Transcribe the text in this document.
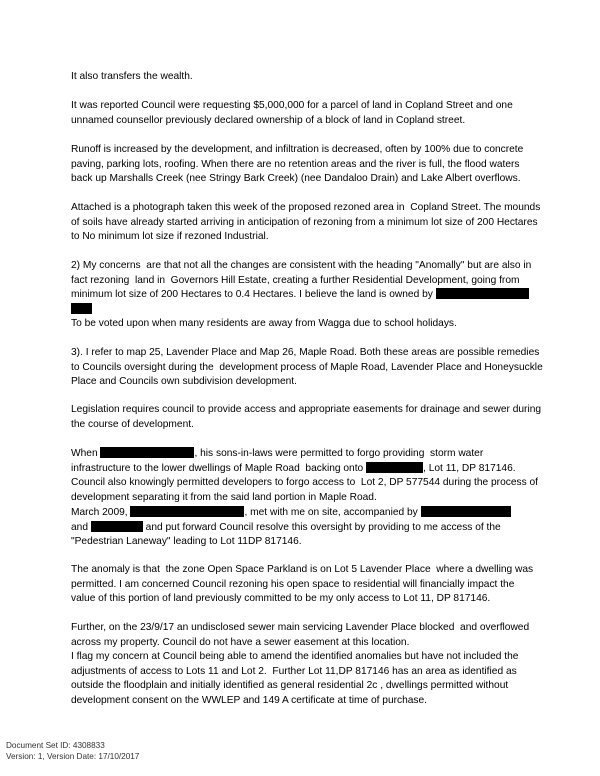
It also transfers the wealth.

It was reported Council were requesting $5,000,000 for a parcel of land in Copland Street and one
unnamed counsellor previously declared ownership of a block of land in Copland street.

Runoff is increased by the development, and infiltration is decreased, often by 100% due to concrete
paving, parking lots, roofing. When there are no retention areas and the river is full, the flood waters
back up Marshalls Creek (nee Stringy Bark Creek) (nee Dandaloo Drain) and Lake Albert overflows.

Attached is a photograph taken this week of the proposed rezoned area in  Copland Street. The mounds
of soils have already started arriving in anticipation of rezoning from a minimum lot size of 200 Hectares
to No minimum lot size if rezoned Industrial.

2) My concerns  are that not all the changes are consistent with the heading "Anomally" but are also in
fact rezoning  land in  Governors Hill Estate, creating a further Residential Development, going from
minimum lot size of 200 Hectares to 0.4 Hectares. I believe the land is owned by

To be voted upon when many residents are away from Wagga due to school holidays.

3). I refer to map 25, Lavender Place and Map 26, Maple Road. Both these areas are possible remedies
to Councils oversight during the  development process of Maple Road, Lavender Place and Honeysuckle
Place and Councils own subdivision development.

Legislation requires council to provide access and appropriate easements for drainage and sewer during
the course of development.

When	, his sons-in-laws were permitted to forgo providing  storm water
infrastructure to the lower dwellings of Maple Road  backing onto	, Lot 11, DP 817146.

Council also knowingly permitted developers to forgo access to  Lot 2, DP 577544 during the process of
development separating it from the said land portion in Maple Road.

March 2009,	, met with me on site, accompanied by
and	and put forward Council resolve this oversight by providing to me access of the
"Pedestrian Laneway" leading to Lot 11DP 817146.

The anomaly is that  the zone Open Space Parkland is on Lot 5 Lavender Place  where a dwelling was
permitted. I am concerned Council rezoning his open space to residential will financially impact the
value of this portion of land previously committed to be my only access to Lot 11, DP 817146.

Further, on the 23/9/17 an undisclosed sewer main servicing Lavender Place blocked  and overflowed
across my property. Council do not have a sewer easement at this location.

I flag my concern at Council being able to amend the identified anomalies but have not included the
adjustments of access to Lots 11 and Lot 2.  Further Lot 11,DP 817146 has an area as identified as
outside the floodplain and initially identified as general residential 2c , dwellings permitted without
development consent on the WWLEP and 149 A certificate at time of purchase.

Document Set ID: 4308833
Version: 1, Version Date: 17/10/2017
